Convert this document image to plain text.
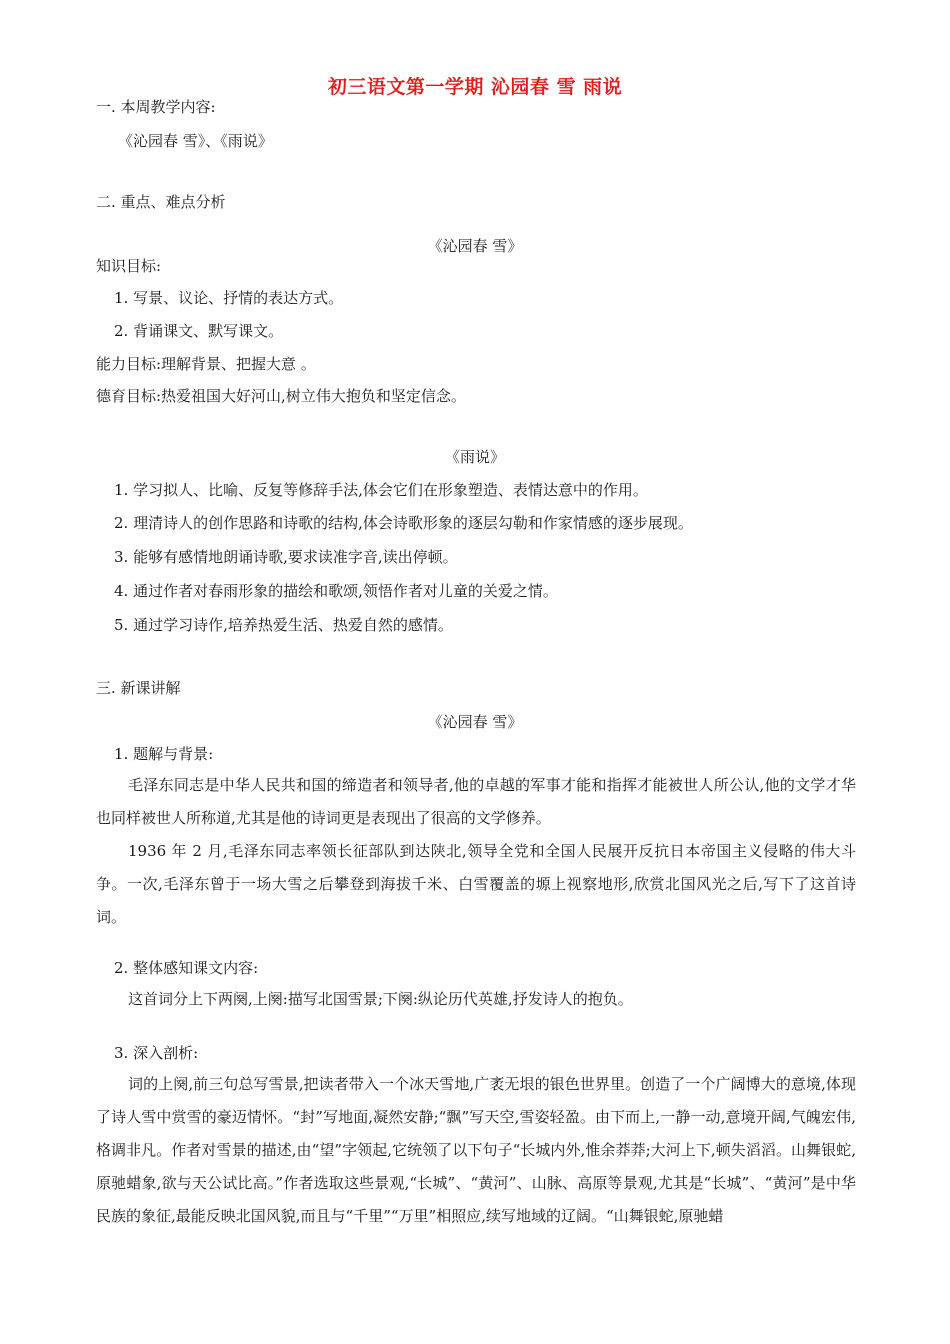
初三语文第一学期 沁园春 雪 雨说
一. 本周教学内容:
《沁园春 雪》、《雨说》
二. 重点、难点分析
《沁园春 雪》
知识目标:
1. 写景、议论、抒情的表达方式。
2. 背诵课文、默写课文。
能力目标:理解背景、把握大意 。
德育目标:热爱祖国大好河山,树立伟大抱负和坚定信念。
《雨说》
1. 学习拟人、比喻、反复等修辞手法,体会它们在形象塑造、表情达意中的作用。
2. 理清诗人的创作思路和诗歌的结构,体会诗歌形象的逐层勾勒和作家情感的逐步展现。
3. 能够有感情地朗诵诗歌,要求读准字音,读出停顿。
4. 通过作者对春雨形象的描绘和歌颂,领悟作者对儿童的关爱之情。
5. 通过学习诗作,培养热爱生活、热爱自然的感情。
三. 新课讲解
《沁园春 雪》
1. 题解与背景:
毛泽东同志是中华人民共和国的缔造者和领导者,他的卓越的军事才能和指挥才能被世人所公认,他的文学才华也同样被世人所称道,尤其是他的诗词更是表现出了很高的文学修养。
1936 年 2 月,毛泽东同志率领长征部队到达陕北,领导全党和全国人民展开反抗日本帝国主义侵略的伟大斗争。一次,毛泽东曾于一场大雪之后攀登到海拔千米、白雪覆盖的塬上视察地形,欣赏北国风光之后,写下了这首诗词。
2. 整体感知课文内容:
这首词分上下两阕,上阕:描写北国雪景;下阕:纵论历代英雄,抒发诗人的抱负。
3. 深入剖析:
词的上阕,前三句总写雪景,把读者带入一个冰天雪地,广袤无垠的银色世界里。创造了一个广阔博大的意境,体现了诗人雪中赏雪的豪迈情怀。“封”写地面,凝然安静;“飘”写天空,雪姿轻盈。由下而上,一静一动,意境开阔,气魄宏伟,格调非凡。作者对雪景的描述,由“望”字领起,它统领了以下句子“长城内外,惟余莽莽;大河上下,顿失滔滔。山舞银蛇,原驰蜡象,欲与天公试比高。”作者选取这些景观,“长城”、“黄河”、山脉、高原等景观,尤其是“长城”、“黄河”是中华民族的象征,最能反映北国风貌,而且与“千里”“万里”相照应,续写地域的辽阔。“山舞银蛇,原驰蜡
